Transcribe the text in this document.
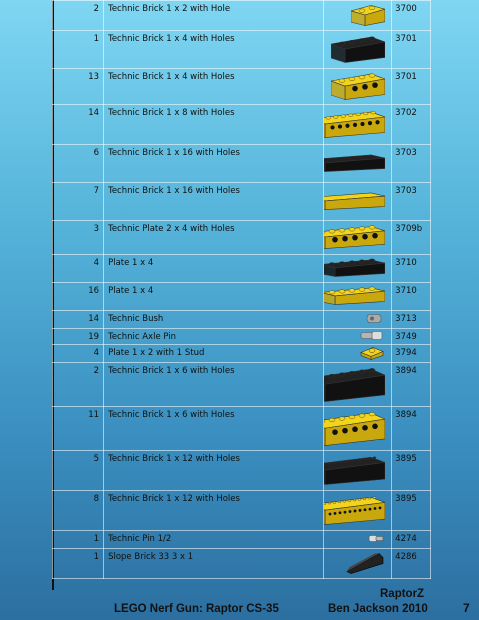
2	Technic Brick 1 x 2 with Hole		3700
1	Technic Brick 1 x 4 with Holes		3701
13	Technic Brick 1 x 4 with Holes		3701
14	Technic Brick 1 x 8 with Holes		3702
6	Technic Brick 1 x 16 with Holes		3703
7	Technic Brick 1 x 16 with Holes		3703
3	Technic Plate 2 x 4 with Holes		3709b
4	Plate 1 x 4		3710
16	Plate 1 x 4		3710
14	Technic Bush		3713
19	Technic Axle Pin		3749
4	Plate 1 x 2 with 1 Stud		3794
2	Technic Brick 1 x 6 with Holes		3894
11	Technic Brick 1 x 6 with Holes		3894
5	Technic Brick 1 x 12 with Holes		3895
8	Technic Brick 1 x 12 with Holes		3895
1	Technic Pin 1/2		4274
1	Slope Brick 33 3 x 1		4286
RaptorZ
LEGO Nerf Gun: Raptor CS-35	Ben Jackson 2010	7
